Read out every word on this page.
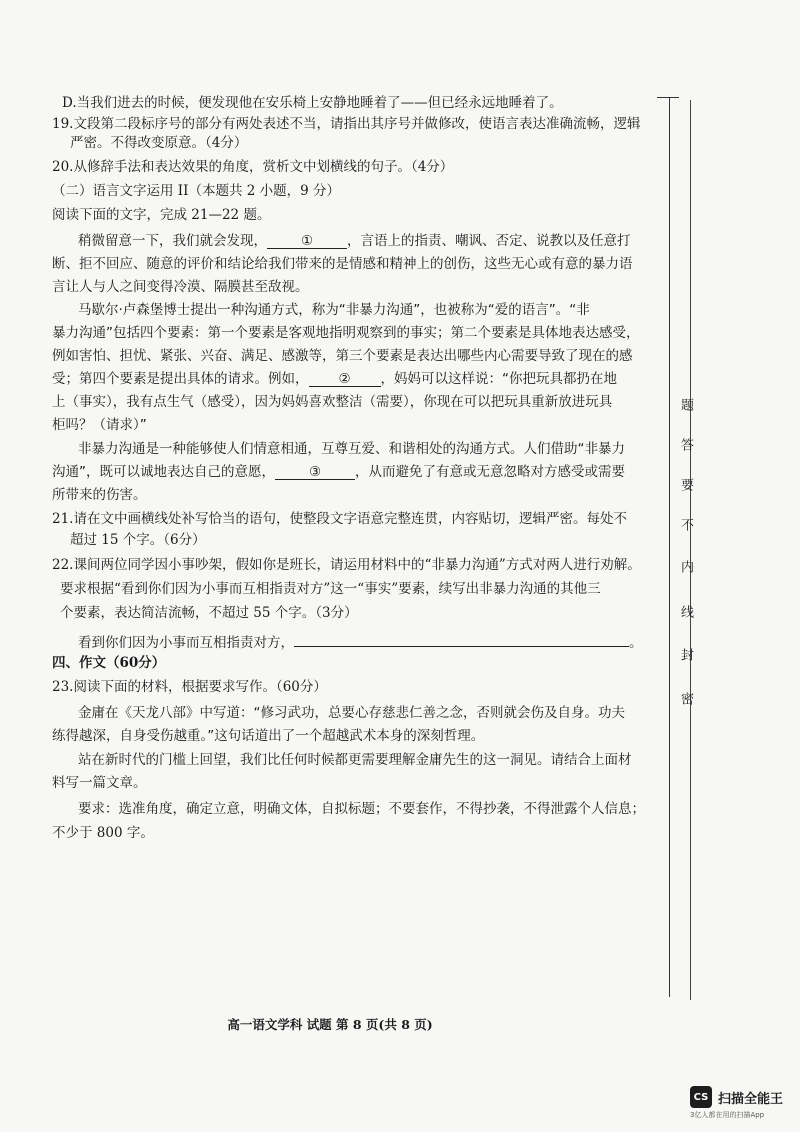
D.当我们进去的时候，便发现他在安乐椅上安静地睡着了——但已经永远地睡着了。
19.文段第二段标序号的部分有两处表述不当，请指出其序号并做修改，使语言表达准确流畅，逻辑
严密。不得改变原意。（4分）
20.从修辞手法和表达效果的角度，赏析文中划横线的句子。（4分）
（二）语言文字运用 II（本题共 2 小题，9 分）
阅读下面的文字，完成 21—22 题。
稍微留意一下，我们就会发现，	①	，言语上的指责、嘲讽、否定、说教以及任意打
断、拒不回应、随意的评价和结论给我们带来的是情感和精神上的创伤，这些无心或有意的暴力语
言让人与人之间变得冷漠、隔膜甚至敌视。
马歇尔·卢森堡博士提出一种沟通方式，称为“非暴力沟通”，也被称为“爱的语言”。“非
暴力沟通”包括四个要素：第一个要素是客观地指明观察到的事实；第二个要素是具体地表达感受，
例如害怕、担忧、紧张、兴奋、满足、感激等，第三个要素是表达出哪些内心需要导致了现在的感
受；第四个要素是提出具体的请求。例如， ② ，妈妈可以这样说：“你把玩具都扔在地
上（事实），我有点生气（感受），因为妈妈喜欢整洁（需要），你现在可以把玩具重新放进玩具
柜吗？（请求）”
非暴力沟通是一种能够使人们情意相通，互尊互爱、和谐相处的沟通方式。人们借助“非暴力
沟通”，既可以诚地表达自己的意愿，	③	，从而避免了有意或无意忽略对方感受或需要
所带来的伤害。
21.请在文中画横线处补写恰当的语句，使整段文字语意完整连贯，内容贴切，逻辑严密。每处不
超过 15 个字。（6分）
22.课间两位同学因小事吵架，假如你是班长，请运用材料中的“非暴力沟通”方式对两人进行劝解。
要求根据“看到你们因为小事而互相指责对方”这一“事实”要素，续写出非暴力沟通的其他三
个要素，表达简洁流畅，不超过 55 个字。（3分）
看到你们因为小事而互相指责对方，	。
四、作文（60分）
23.阅读下面的材料，根据要求写作。（60分）
金庸在《天龙八部》中写道：“修习武功，总要心存慈悲仁善之念，否则就会伤及自身。功夫
练得越深，自身受伤越重。”这句话道出了一个超越武术本身的深刻哲理。
站在新时代的门槛上回望，我们比任何时候都更需要理解金庸先生的这一洞见。请结合上面材
料写一篇文章。
要求：选准角度，确定立意，明确文体，自拟标题；不要套作，不得抄袭，不得泄露个人信息；
不少于 800 字。
题
答
要
不
内
线
封
密
高一语文学科 试题 第 8 页(共 8 页)
CS 扫描全能王
3亿人都在用的扫描App
